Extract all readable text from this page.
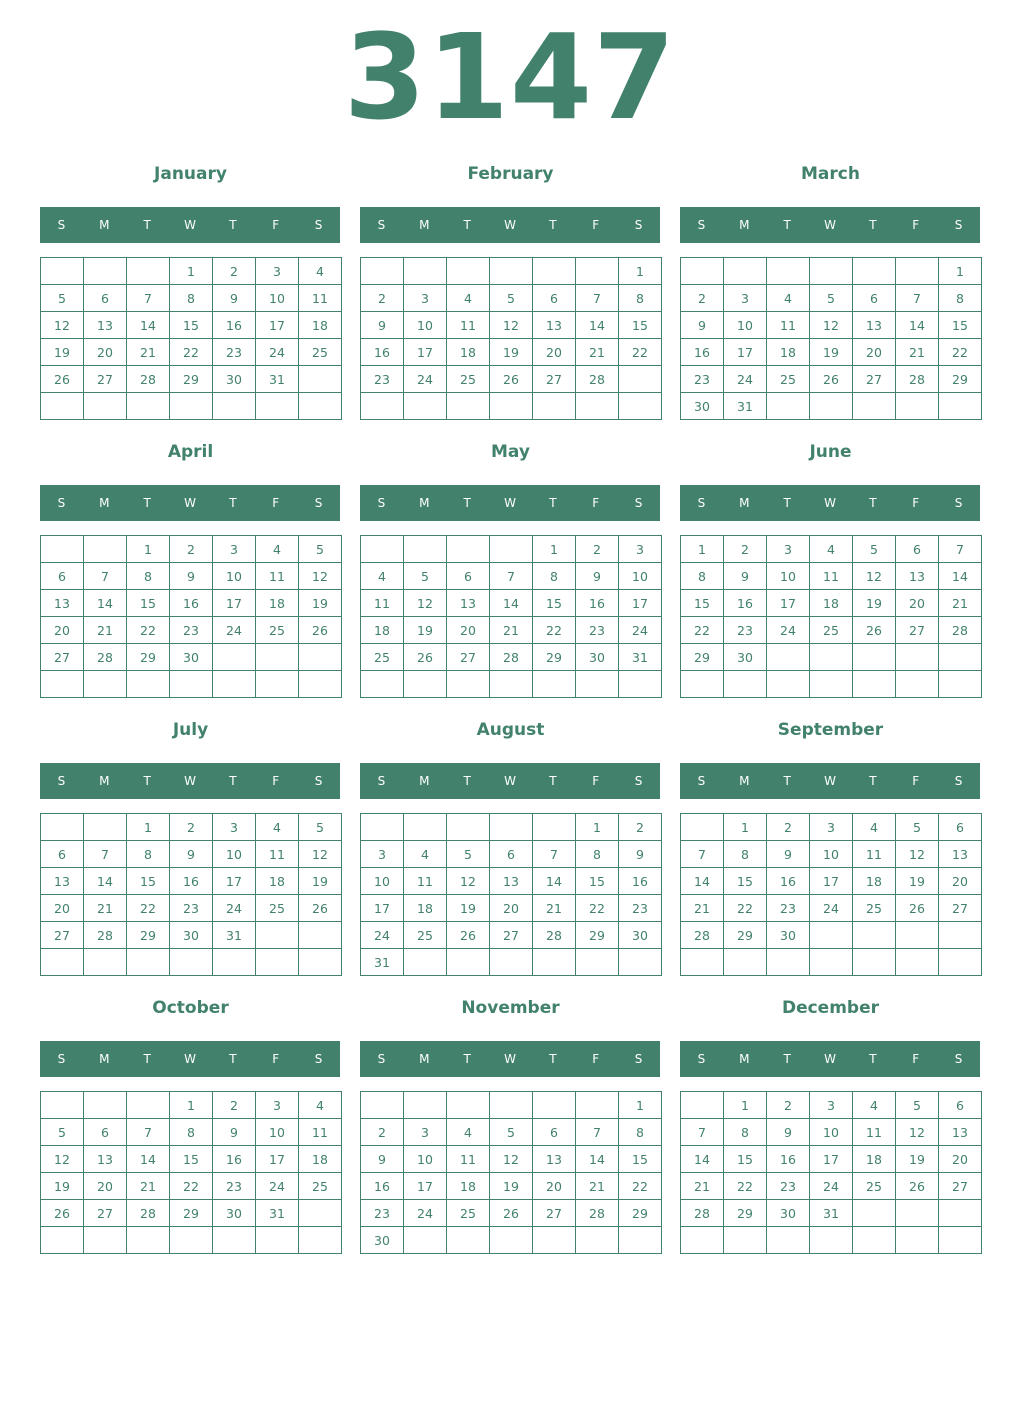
3147
January
S	M	T	W	T	F	S
			1	2	3	4
5	6	7	8	9	10	11
12	13	14	15	16	17	18
19	20	21	22	23	24	25
26	27	28	29	30	31	

February
S	M	T	W	T	F	S
						1
2	3	4	5	6	7	8
9	10	11	12	13	14	15
16	17	18	19	20	21	22
23	24	25	26	27	28	

March
S	M	T	W	T	F	S
						1
2	3	4	5	6	7	8
9	10	11	12	13	14	15
16	17	18	19	20	21	22
23	24	25	26	27	28	29
30	31					
April
S	M	T	W	T	F	S
		1	2	3	4	5
6	7	8	9	10	11	12
13	14	15	16	17	18	19
20	21	22	23	24	25	26
27	28	29	30			

May
S	M	T	W	T	F	S
				1	2	3
4	5	6	7	8	9	10
11	12	13	14	15	16	17
18	19	20	21	22	23	24
25	26	27	28	29	30	31

June
S	M	T	W	T	F	S
1	2	3	4	5	6	7
8	9	10	11	12	13	14
15	16	17	18	19	20	21
22	23	24	25	26	27	28
29	30					

July
S	M	T	W	T	F	S
		1	2	3	4	5
6	7	8	9	10	11	12
13	14	15	16	17	18	19
20	21	22	23	24	25	26
27	28	29	30	31		

August
S	M	T	W	T	F	S
					1	2
3	4	5	6	7	8	9
10	11	12	13	14	15	16
17	18	19	20	21	22	23
24	25	26	27	28	29	30
31						
September
S	M	T	W	T	F	S
	1	2	3	4	5	6
7	8	9	10	11	12	13
14	15	16	17	18	19	20
21	22	23	24	25	26	27
28	29	30				

October
S	M	T	W	T	F	S
			1	2	3	4
5	6	7	8	9	10	11
12	13	14	15	16	17	18
19	20	21	22	23	24	25
26	27	28	29	30	31	

November
S	M	T	W	T	F	S
						1
2	3	4	5	6	7	8
9	10	11	12	13	14	15
16	17	18	19	20	21	22
23	24	25	26	27	28	29
30						
December
S	M	T	W	T	F	S
	1	2	3	4	5	6
7	8	9	10	11	12	13
14	15	16	17	18	19	20
21	22	23	24	25	26	27
28	29	30	31			
